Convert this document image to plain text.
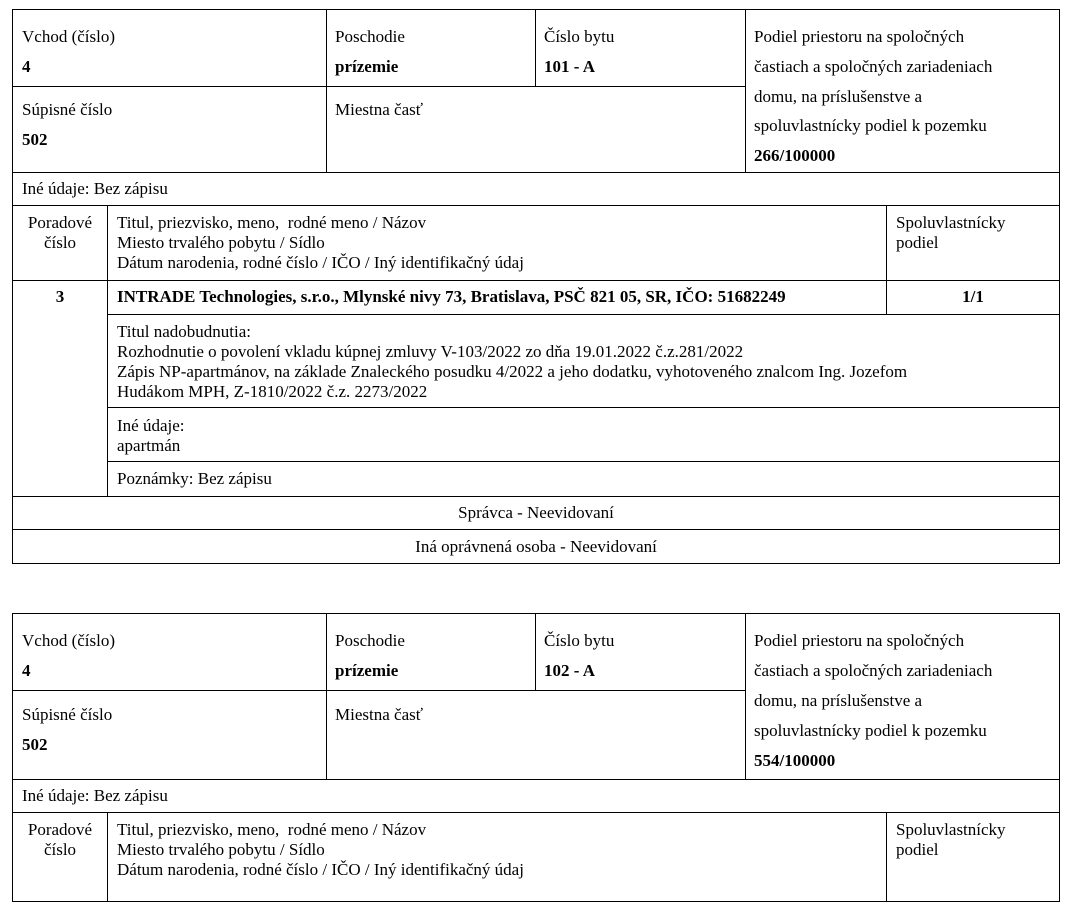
Vchod (číslo)
4
Poschodie
prízemie
Číslo bytu
101 - A
Podiel priestoru na spoločných
častiach a spoločných zariadeniach
domu, na príslušenstve a
spoluvlastnícky podiel k pozemku
266/100000
Súpisné číslo
502
Miestna časť
Iné údaje: Bez zápisu
Poradové
číslo
Titul, priezvisko, meno,  rodné meno / Názov
Miesto trvalého pobytu / Sídlo
Dátum narodenia, rodné číslo / IČO / Iný identifikačný údaj
Spoluvlastnícky
podiel
3	INTRADE Technologies, s.r.o., Mlynské nivy 73, Bratislava, PSČ 821 05, SR, IČO: 51682249	1/1
Titul nadobudnutia:
Rozhodnutie o povolení vkladu kúpnej zmluvy V-103/2022 zo dňa 19.01.2022 č.z.281/2022
Zápis NP-apartmánov, na základe Znaleckého posudku 4/2022 a jeho dodatku, vyhotoveného znalcom Ing. Jozefom
Hudákom MPH, Z-1810/2022 č.z. 2273/2022
Iné údaje:
apartmán
Poznámky: Bez zápisu
Správca - Neevidovaní
Iná oprávnená osoba - Neevidovaní
Vchod (číslo)
4
Poschodie
prízemie
Číslo bytu
102 - A
Podiel priestoru na spoločných
častiach a spoločných zariadeniach
domu, na príslušenstve a
spoluvlastnícky podiel k pozemku
554/100000
Súpisné číslo
502
Miestna časť
Iné údaje: Bez zápisu
Poradové
číslo
Titul, priezvisko, meno,  rodné meno / Názov
Miesto trvalého pobytu / Sídlo
Dátum narodenia, rodné číslo / IČO / Iný identifikačný údaj
Spoluvlastnícky
podiel
